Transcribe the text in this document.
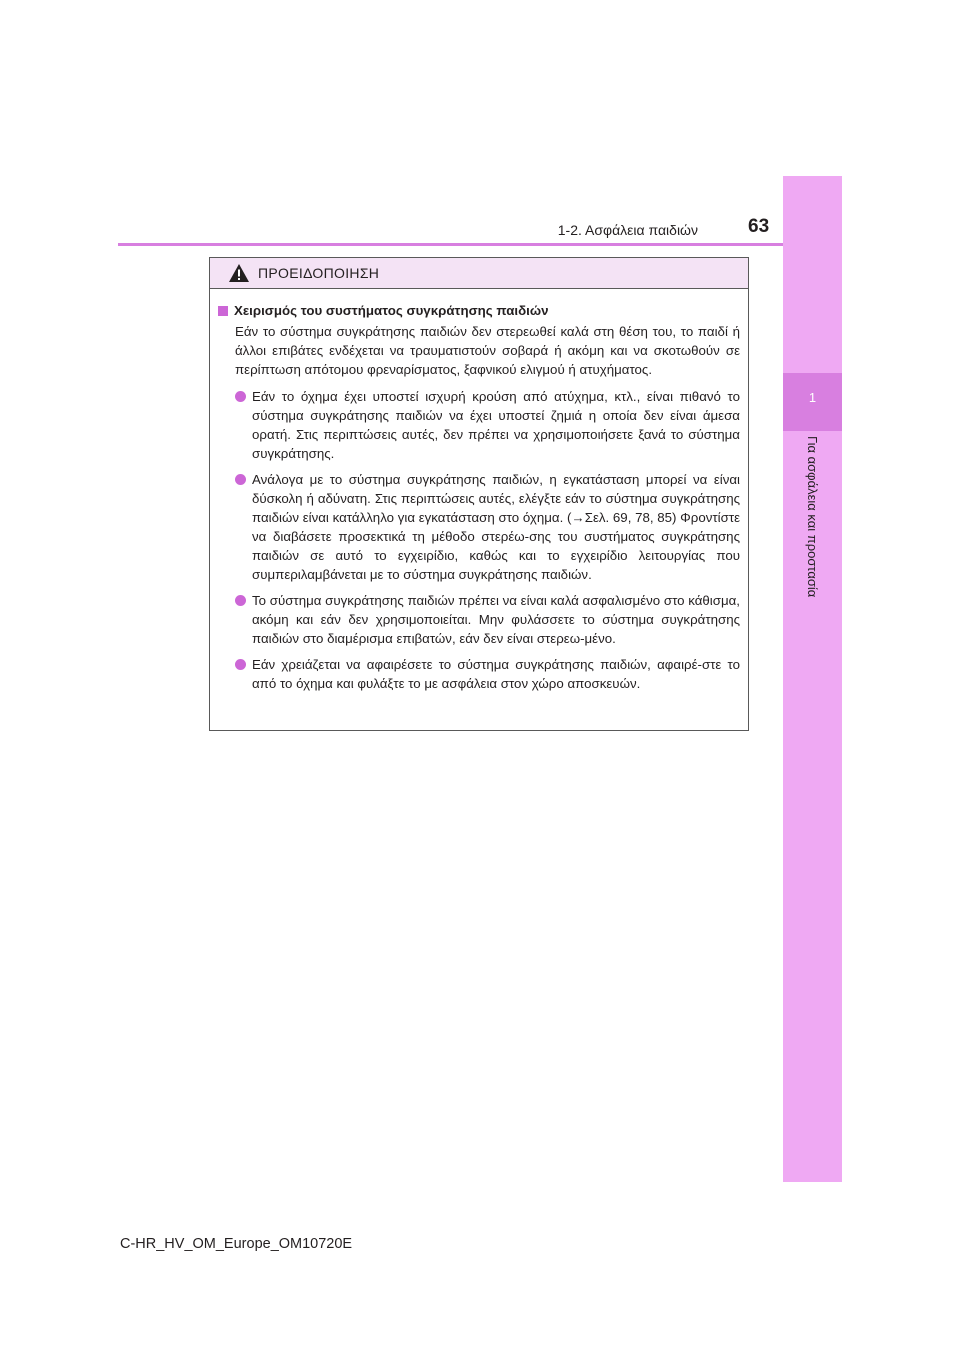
1
Για ασφάλεια και προστασία
1-2. Ασφάλεια παιδιών	63
ΠΡΟΕΙΔΟΠΟΙΗΣΗ
Χειρισμός του συστήματος συγκράτησης παιδιών
Εάν το σύστημα συγκράτησης παιδιών δεν στερεωθεί καλά στη θέση του, το παιδί ή άλλοι επιβάτες ενδέχεται να τραυματιστούν σοβαρά ή ακόμη και να σκοτωθούν σε περίπτωση απότομου φρεναρίσματος, ξαφνικού ελιγμού ή ατυχήματος.
Εάν το όχημα έχει υποστεί ισχυρή κρούση από ατύχημα, κτλ., είναι πιθανό το σύστημα συγκράτησης παιδιών να έχει υποστεί ζημιά η οποία δεν είναι άμεσα ορατή. Στις περιπτώσεις αυτές, δεν πρέπει να χρησιμοποιήσετε ξανά το σύστημα συγκράτησης.
Ανάλογα με το σύστημα συγκράτησης παιδιών, η εγκατάσταση μπορεί να είναι δύσκολη ή αδύνατη. Στις περιπτώσεις αυτές, ελέγξτε εάν το σύστημα συγκράτησης παιδιών είναι κατάλληλο για εγκατάσταση στο όχημα. (→Σελ. 69, 78, 85) Φροντίστε να διαβάσετε προσεκτικά τη μέθοδο στερέω-σης του συστήματος συγκράτησης παιδιών σε αυτό το εγχειρίδιο, καθώς και το εγχειρίδιο λειτουργίας που συμπεριλαμβάνεται με το σύστημα συγκράτησης παιδιών.
Το σύστημα συγκράτησης παιδιών πρέπει να είναι καλά ασφαλισμένο στο κάθισμα, ακόμη και εάν δεν χρησιμοποιείται. Μην φυλάσσετε το σύστημα συγκράτησης παιδιών στο διαμέρισμα επιβατών, εάν δεν είναι στερεω-μένο.
Εάν χρειάζεται να αφαιρέσετε το σύστημα συγκράτησης παιδιών, αφαιρέ-στε το από το όχημα και φυλάξτε το με ασφάλεια στον χώρο αποσκευών.
C-HR_HV_OM_Europe_OM10720E
